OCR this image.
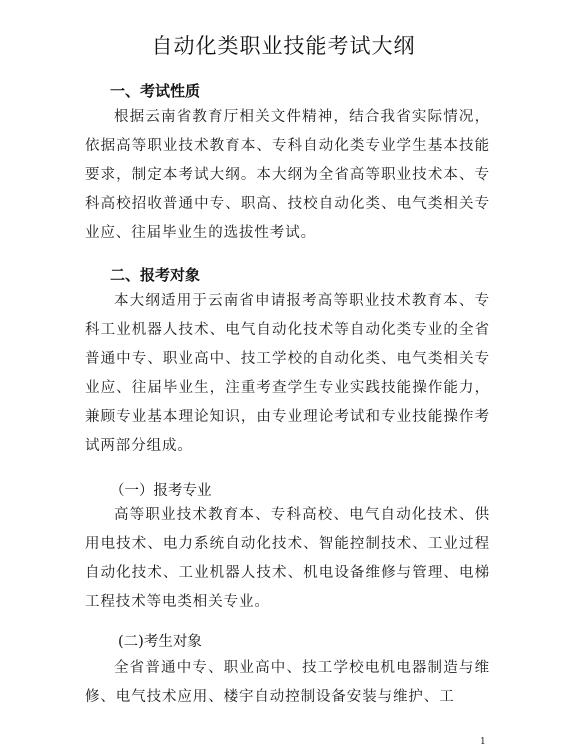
自动化类职业技能考试大纲
一、考试性质

根据云南省教育厅相关文件精神，结合我省实际情况，依据高等职业技术教育本、专科自动化类专业学生基本技能要求，制定本考试大纲。本大纲为全省高等职业技术本、专科高校招收普通中专、职高、技校自动化类、电气类相关专业应、往届毕业生的选拔性考试。

二、报考对象

本大纲适用于云南省申请报考高等职业技术教育本、专科工业机器人技术、电气自动化技术等自动化类专业的全省普通中专、职业高中、技工学校的自动化类、电气类相关专业应、往届毕业生，注重考查学生专业实践技能操作能力，兼顾专业基本理论知识，由专业理论考试和专业技能操作考试两部分组成。

（一）报考专业

高等职业技术教育本、专科高校、电气自动化技术、供用电技术、电力系统自动化技术、智能控制技术、工业过程自动化技术、工业机器人技术、机电设备维修与管理、电梯工程技术等电类相关专业。

(二)考生对象

全省普通中专、职业高中、技工学校电机电器制造与维修、电气技术应用、楼宇自动控制设备安装与维护、工

1
